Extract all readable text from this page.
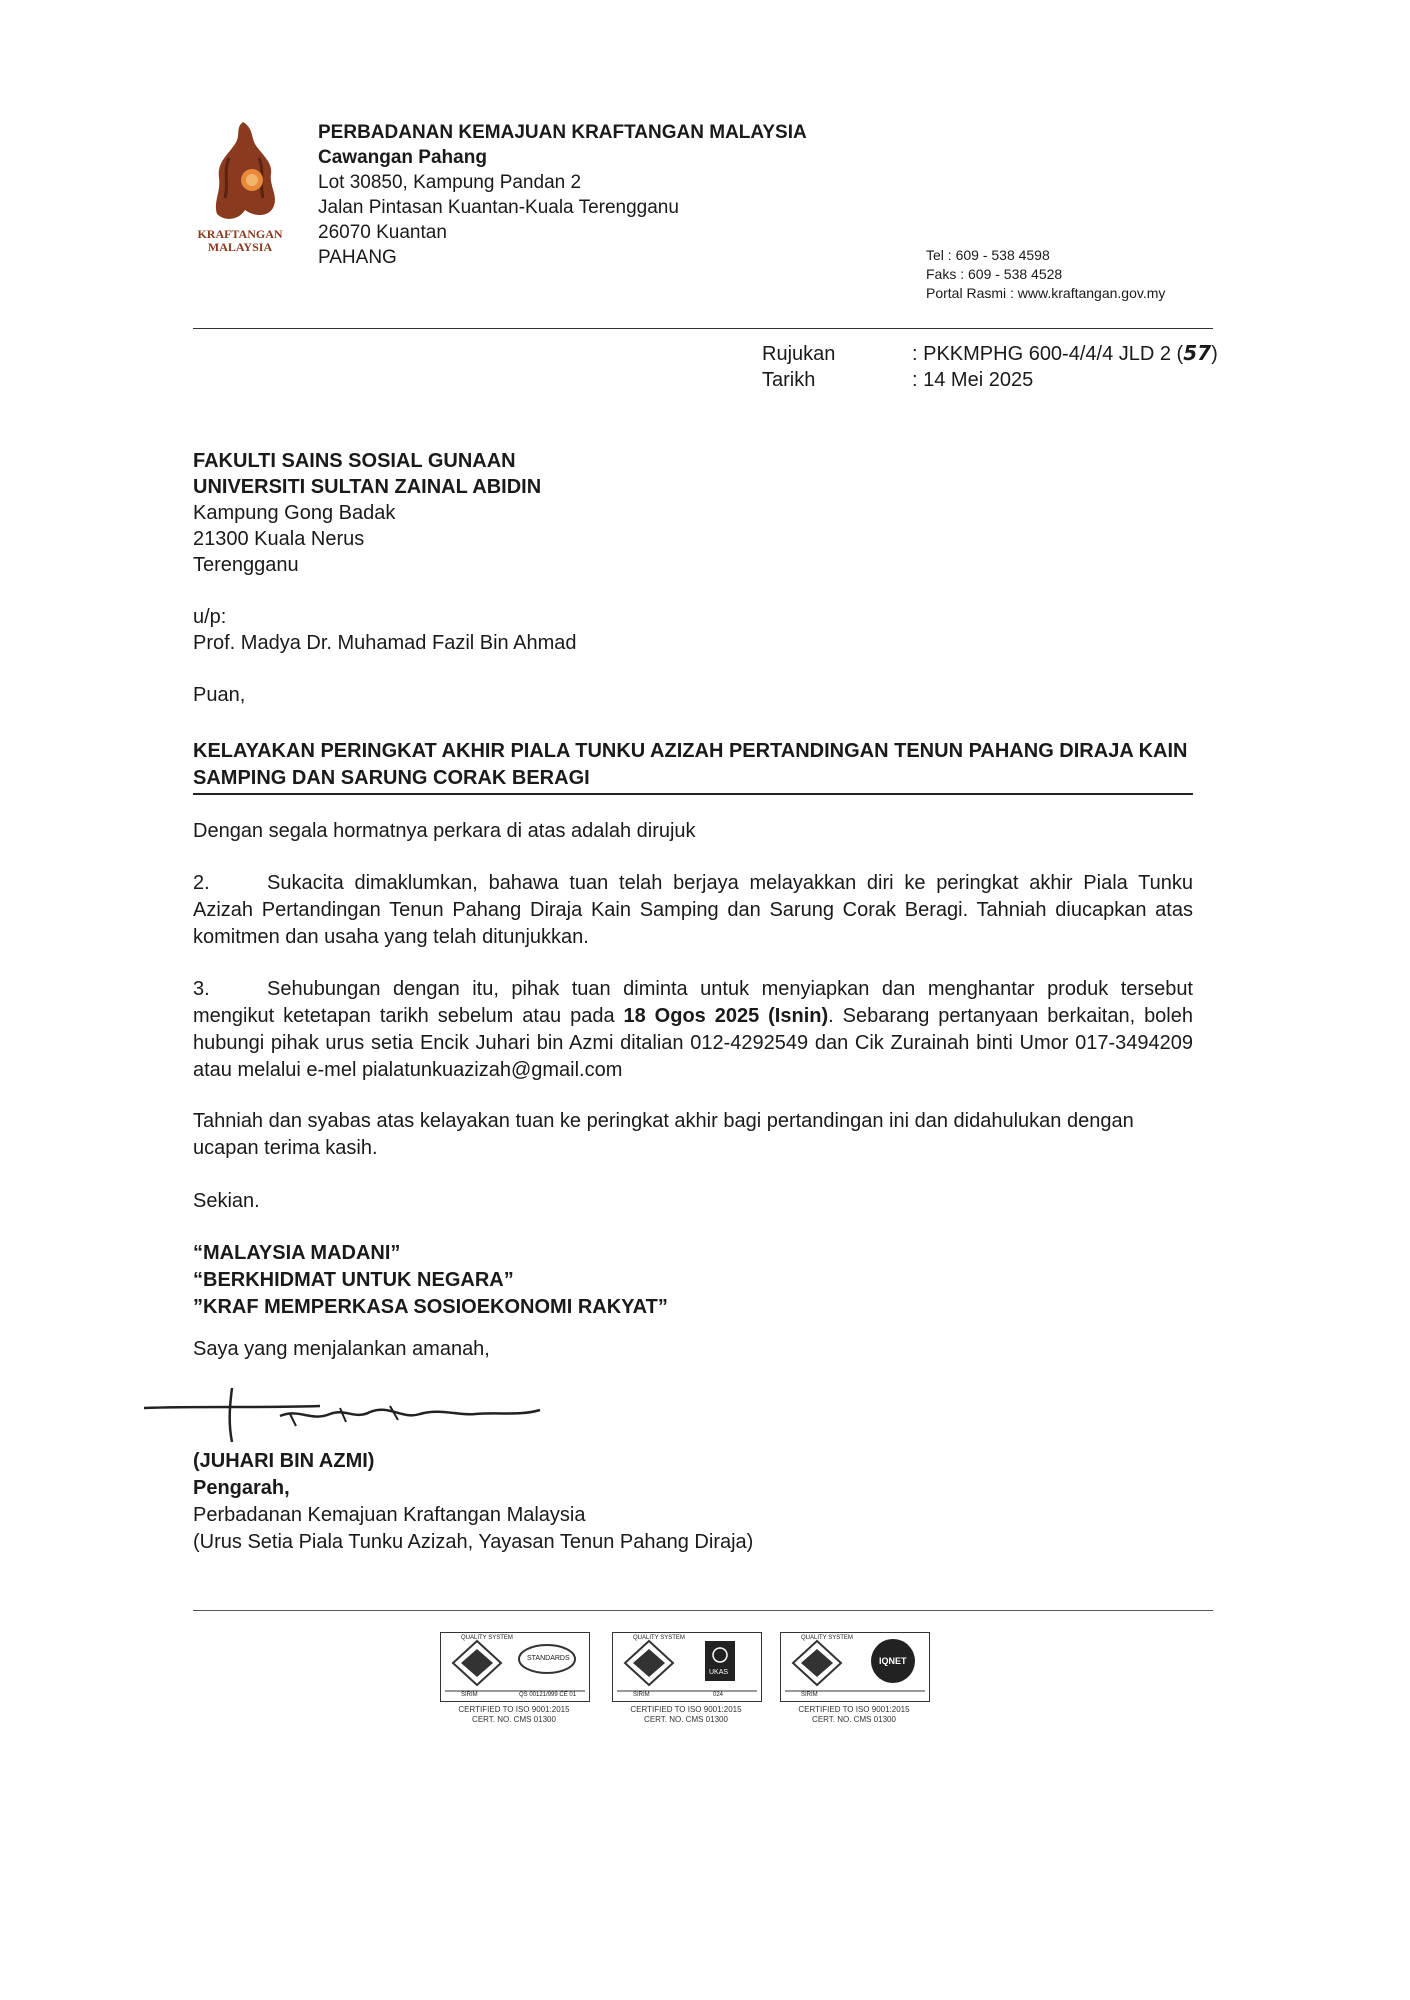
KRAFTANGAN
MALAYSIA
PERBADANAN KEMAJUAN KRAFTANGAN MALAYSIA
Cawangan Pahang
Lot 30850, Kampung Pandan 2
Jalan Pintasan Kuantan-Kuala Terengganu
26070 Kuantan
PAHANG	Tel : 609 - 538 4598
Faks : 609 - 538 4528
Portal Rasmi : www.kraftangan.gov.my
Rujukan	: PKKMPHG 600-4/4/4 JLD 2 (57)
Tarikh	: 14 Mei 2025
FAKULTI SAINS SOSIAL GUNAAN
UNIVERSITI SULTAN ZAINAL ABIDIN
Kampung Gong Badak
21300 Kuala Nerus
Terengganu
u/p:
Prof. Madya Dr. Muhamad Fazil Bin Ahmad
Puan,
KELAYAKAN PERINGKAT AKHIR PIALA TUNKU AZIZAH PERTANDINGAN TENUN PAHANG DIRAJA KAIN SAMPING DAN SARUNG CORAK BERAGI
Dengan segala hormatnya perkara di atas adalah dirujuk
2.	Sukacita dimaklumkan, bahawa tuan telah berjaya melayakkan diri ke peringkat akhir Piala Tunku Azizah Pertandingan Tenun Pahang Diraja Kain Samping dan Sarung Corak Beragi. Tahniah diucapkan atas komitmen dan usaha yang telah ditunjukkan.
3.	Sehubungan dengan itu, pihak tuan diminta untuk menyiapkan dan menghantar produk tersebut mengikut ketetapan tarikh sebelum atau pada 18 Ogos 2025 (Isnin). Sebarang pertanyaan berkaitan, boleh hubungi pihak urus setia Encik Juhari bin Azmi ditalian 012-4292549 dan Cik Zurainah binti Umor 017-3494209 atau melalui e-mel pialatunkuazizah@gmail.com
Tahniah dan syabas atas kelayakan tuan ke peringkat akhir bagi pertandingan ini dan didahulukan dengan ucapan terima kasih.
Sekian.
“MALAYSIA MADANI”
“BERKHIDMAT UNTUK NEGARA”
”KRAF MEMPERKASA SOSIOEKONOMI RAKYAT”
Saya yang menjalankan amanah,
(JUHARI BIN AZMI)
Pengarah,
Perbadanan Kemajuan Kraftangan Malaysia
(Urus Setia Piala Tunku Azizah, Yayasan Tenun Pahang Diraja)
QUALITY SYSTEM
STANDARDS
SIRIM	QS 00121/999 CE 01
CERTIFIED TO ISO 9001:2015
CERT. NO. CMS 01300
QUALITY SYSTEM
UKAS
SIRIM	024
CERTIFIED TO ISO 9001:2015
CERT. NO. CMS 01300
QUALITY SYSTEM
IQNET
SIRIM
CERTIFIED TO ISO 9001:2015
CERT. NO. CMS 01300
